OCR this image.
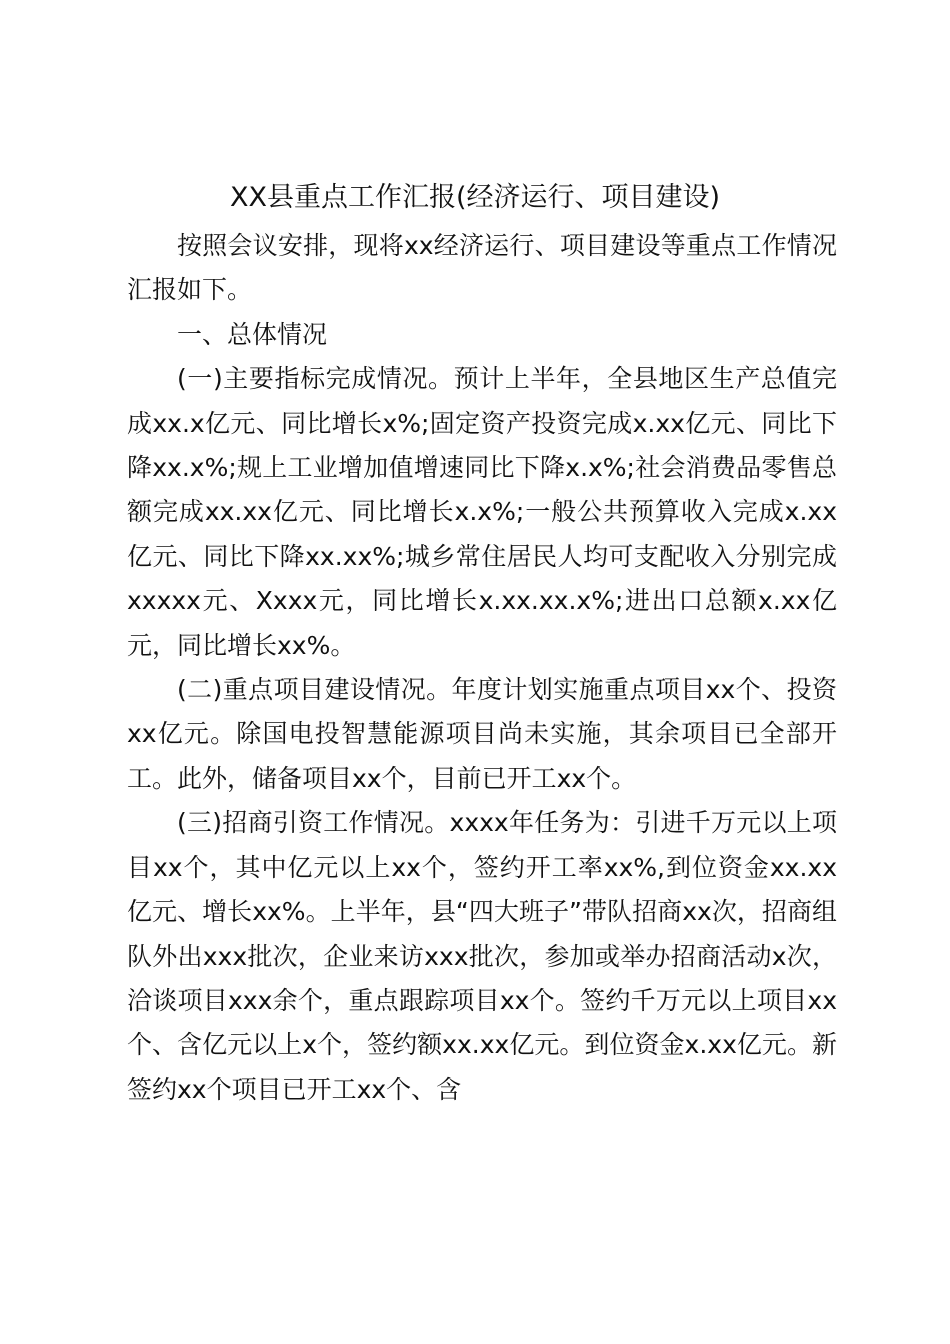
XX县重点工作汇报(经济运行、项目建设)

按照会议安排，现将xx经济运行、项目建设等重点工作情况汇报如下。

一、总体情况

(一)主要指标完成情况。预计上半年，全县地区生产总值完成xx.x亿元、同比增长x%;固定资产投资完成x.xx亿元、同比下降xx.x%;规上工业增加值增速同比下降x.x%;社会消费品零售总额完成xx.xx亿元、同比增长x.x%;一般公共预算收入完成x.xx亿元、同比下降xx.xx%;城乡常住居民人均可支配收入分别完成xxxxx元、Xxxx元，同比增长x.xx.xx.x%;进出口总额x.xx亿元，同比增长xx%。

(二)重点项目建设情况。年度计划实施重点项目xx个、投资xx亿元。除国电投智慧能源项目尚未实施，其余项目已全部开工。此外，储备项目xx个，目前已开工xx个。

(三)招商引资工作情况。xxxx年任务为：引进千万元以上项目xx个，其中亿元以上xx个，签约开工率xx%,到位资金xx.xx亿元、增长xx%。上半年，县“四大班子”带队招商xx次，招商组队外出xxx批次，企业来访xxx批次，参加或举办招商活动x次，洽谈项目xxx余个，重点跟踪项目xx个。签约千万元以上项目xx个、含亿元以上x个，签约额xx.xx亿元。到位资金x.xx亿元。新签约xx个项目已开工xx个、含
